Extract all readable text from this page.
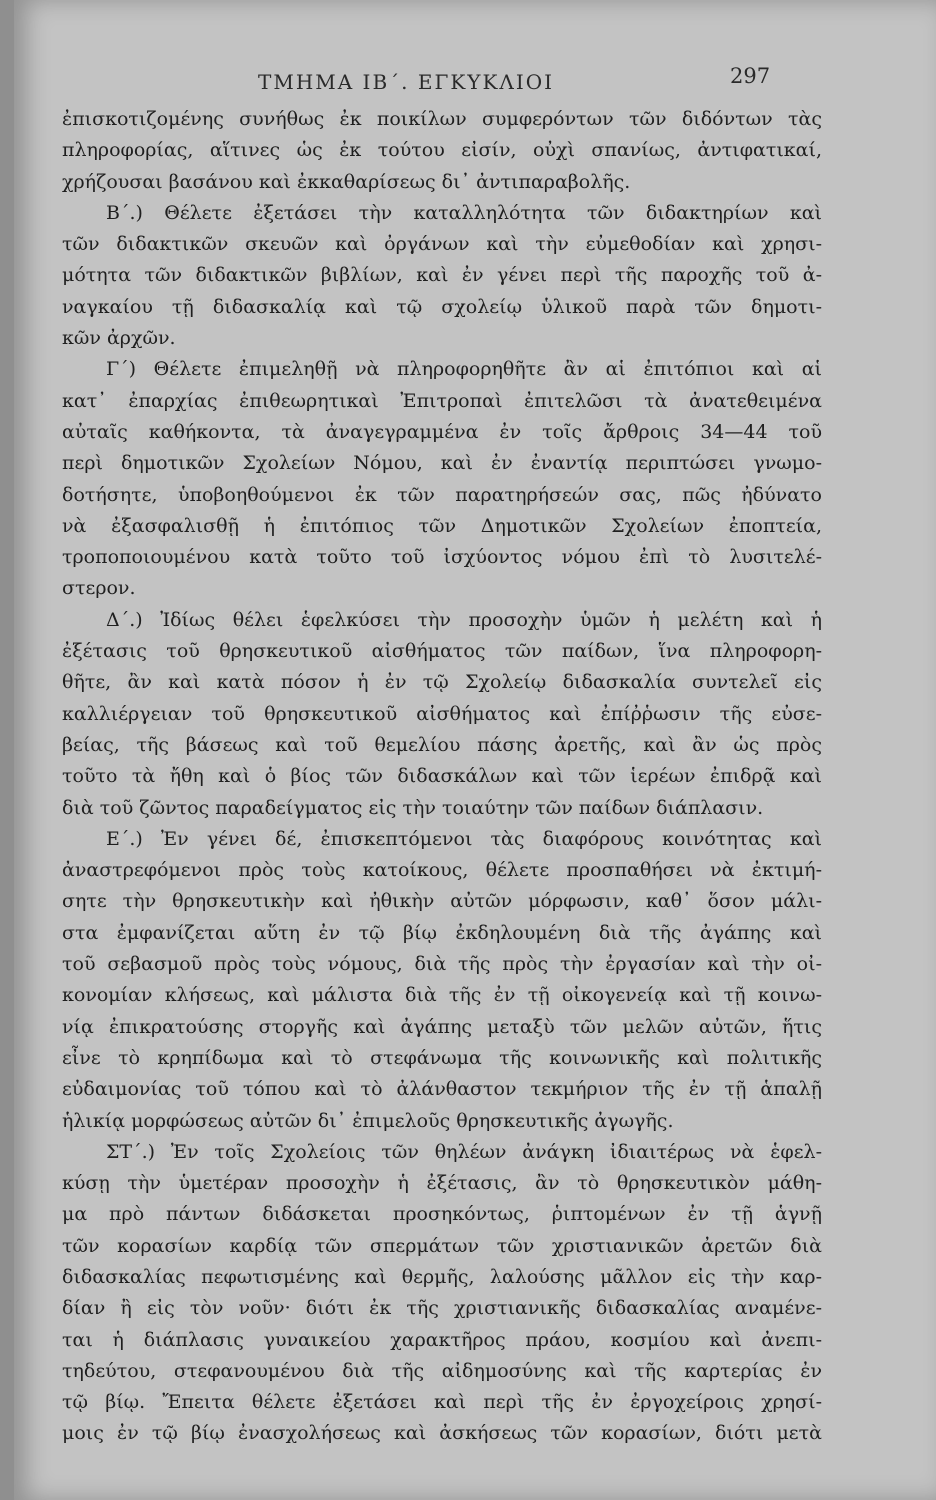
ΤΜΗΜΑ ΙΒ΄. ΕΓΚΥΚΛΙΟΙ	297
ἐπισκοτιζομένης συνήθως ἐκ ποικίλων συμφερόντων τῶν διδόντων τὰς
πληροφορίας, αἵτινες ὡς ἐκ τούτου εἰσίν, οὐχὶ σπανίως, ἀντιφατικαί,
χρήζουσαι βασάνου καὶ ἐκκαθαρίσεως δι᾽ ἀντιπαραβολῆς.
Β΄.) Θέλετε ἐξετάσει τὴν καταλληλότητα τῶν διδακτηρίων καὶ
τῶν διδακτικῶν σκευῶν καὶ ὀργάνων καὶ τὴν εὐμεθοδίαν καὶ χρησι-
μότητα τῶν διδακτικῶν βιβλίων, καὶ ἐν γένει περὶ τῆς παροχῆς τοῦ ἀ-
ναγκαίου τῇ διδασκαλίᾳ καὶ τῷ σχολείῳ ὑλικοῦ παρὰ τῶν δημοτι-
κῶν ἀρχῶν.
Γ΄) Θέλετε ἐπιμεληθῇ νὰ πληροφορηθῆτε ἂν αἱ ἐπιτόπιοι καὶ αἱ
κατ᾽ ἐπαρχίας ἐπιθεωρητικαὶ Ἐπιτροπαὶ ἐπιτελῶσι τὰ ἀνατεθειμένα
αὐταῖς καθήκοντα, τὰ ἀναγεγραμμένα ἐν τοῖς ἄρθροις 34—44 τοῦ
περὶ δημοτικῶν Σχολείων Νόμου, καὶ ἐν ἐναντίᾳ περιπτώσει γνωμο-
δοτήσητε, ὑποβοηθούμενοι ἐκ τῶν παρατηρήσεών σας, πῶς ἠδύνατο
νὰ ἐξασφαλισθῇ ἡ ἐπιτόπιος τῶν Δημοτικῶν Σχολείων ἐποπτεία,
τροποποιουμένου κατὰ τοῦτο τοῦ ἰσχύοντος νόμου ἐπὶ τὸ λυσιτελέ-
στερον.
Δ΄.) Ἰδίως θέλει ἑφελκύσει τὴν προσοχὴν ὑμῶν ἡ μελέτη καὶ ἡ
ἐξέτασις τοῦ θρησκευτικοῦ αἰσθήματος τῶν παίδων, ἵνα πληροφορη-
θῆτε, ἂν καὶ κατὰ πόσον ἡ ἐν τῷ Σχολείῳ διδασκαλία συντελεῖ εἰς
καλλιέργειαν τοῦ θρησκευτικοῦ αἰσθήματος καὶ ἐπίῤῥωσιν τῆς εὐσε-
βείας, τῆς βάσεως καὶ τοῦ θεμελίου πάσης ἀρετῆς, καὶ ἂν ὡς πρὸς
τοῦτο τὰ ἤθη καὶ ὁ βίος τῶν διδασκάλων καὶ τῶν ἱερέων ἐπιδρᾷ καὶ
διὰ τοῦ ζῶντος παραδείγματος εἰς τὴν τοιαύτην τῶν παίδων διάπλασιν.
Ε΄.) Ἐν γένει δέ, ἐπισκεπτόμενοι τὰς διαφόρους κοινότητας καὶ
ἀναστρεφόμενοι πρὸς τοὺς κατοίκους, θέλετε προσπαθήσει νὰ ἐκτιμή-
σητε τὴν θρησκευτικὴν καὶ ἠθικὴν αὐτῶν μόρφωσιν, καθ᾽ ὅσον μάλι-
στα ἐμφανίζεται αὕτη ἐν τῷ βίῳ ἐκδηλουμένη διὰ τῆς ἀγάπης καὶ
τοῦ σεβασμοῦ πρὸς τοὺς νόμους, διὰ τῆς πρὸς τὴν ἐργασίαν καὶ τὴν οἰ-
κονομίαν κλήσεως, καὶ μάλιστα διὰ τῆς ἐν τῇ οἰκογενείᾳ καὶ τῇ κοινω-
νίᾳ ἐπικρατούσης στοργῆς καὶ ἀγάπης μεταξὺ τῶν μελῶν αὐτῶν, ἥτις
εἶνε τὸ κρηπίδωμα καὶ τὸ στεφάνωμα τῆς κοινωνικῆς καὶ πολιτικῆς
εὐδαιμονίας τοῦ τόπου καὶ τὸ ἀλάνθαστον τεκμήριον τῆς ἐν τῇ ἁπαλῇ
ἡλικίᾳ μορφώσεως αὐτῶν δι᾽ ἐπιμελοῦς θρησκευτικῆς ἀγωγῆς.
ΣΤ΄.) Ἐν τοῖς Σχολείοις τῶν θηλέων ἀνάγκη ἰδιαιτέρως νὰ ἑφελ-
κύσῃ τὴν ὑμετέραν προσοχὴν ἡ ἐξέτασις, ἂν τὸ θρησκευτικὸν μάθη-
μα πρὸ πάντων διδάσκεται προσηκόντως, ῥιπτομένων ἐν τῇ ἁγνῇ
τῶν κορασίων καρδίᾳ τῶν σπερμάτων τῶν χριστιανικῶν ἀρετῶν διὰ
διδασκαλίας πεφωτισμένης καὶ θερμῆς, λαλούσης μᾶλλον εἰς τὴν καρ-
δίαν ἢ εἰς τὸν νοῦν· διότι ἐκ τῆς χριστιανικῆς διδασκαλίας αναμένε-
ται ἡ διάπλασις γυναικείου χαρακτῆρος πράου, κοσμίου καὶ ἀνεπι-
τηδεύτου, στεφανουμένου διὰ τῆς αἰδημοσύνης καὶ τῆς καρτερίας ἐν
τῷ βίῳ. Ἔπειτα θέλετε ἐξετάσει καὶ περὶ τῆς ἐν ἐργοχείροις χρησί-
μοις ἐν τῷ βίῳ ἐνασχολήσεως καὶ ἀσκήσεως τῶν κορασίων, διότι μετὰ
